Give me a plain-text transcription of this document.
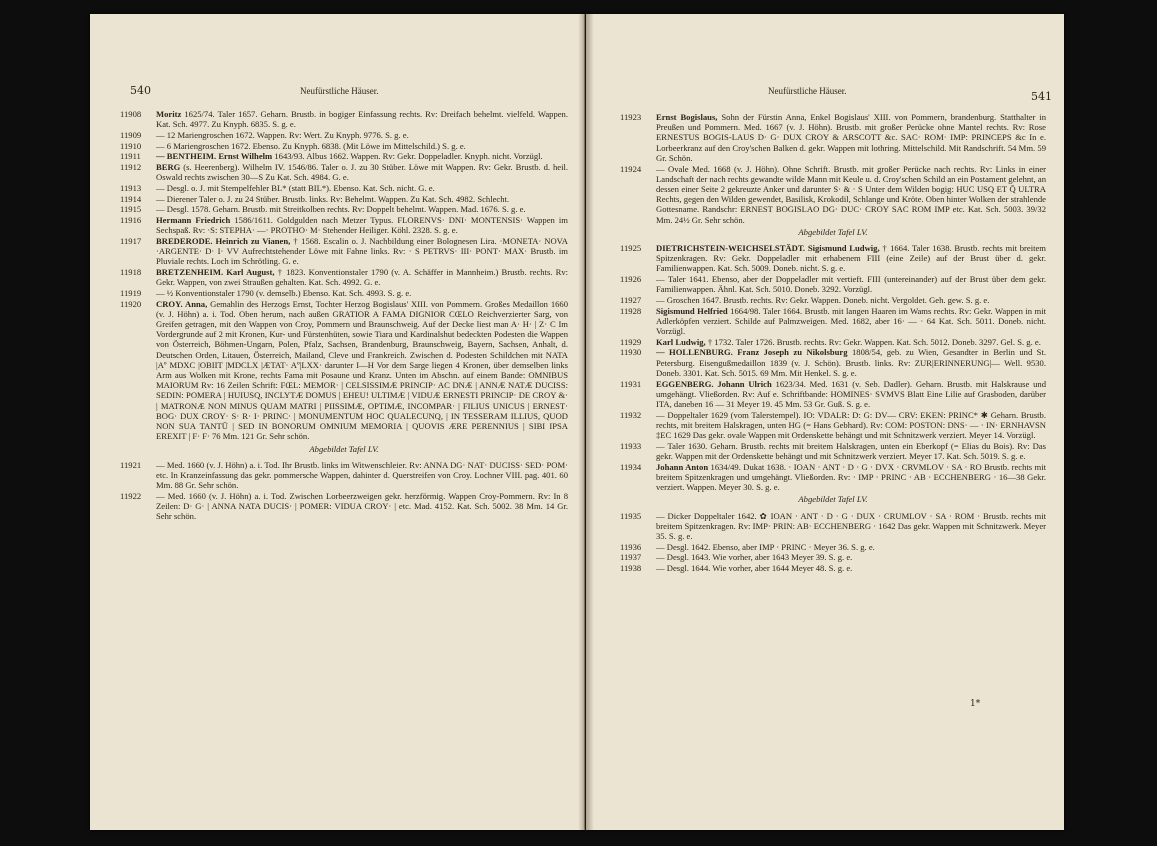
540	Neufürstliche Häuser.
11908	Moritz 1625/74. Taler 1657. Geharn. Brustb. in bogiger Einfassung rechts. Rv: Dreifach behelmt. vielfeld. Wappen. Kat. Sch. 4977. Zu Knyph. 6835. S. g. e.
11909	— 12 Mariengroschen 1672. Wappen. Rv: Wert. Zu Knyph. 9776. S. g. e.
11910	— 6 Mariengroschen 1672. Ebenso. Zu Knyph. 6838. (Mit Löwe im Mittelschild.) S. g. e.
11911	— BENTHEIM. Ernst Wilhelm 1643/93. Albus 1662. Wappen. Rv: Gekr. Doppeladler. Knyph. nicht. Vorzügl.
11912	BERG (s. Heerenberg). Wilhelm IV. 1546/86. Taler o. J. zu 30 Stüber. Löwe mit Wappen. Rv: Gekr. Brustb. d. heil. Oswald rechts zwischen 30—S Zu Kat. Sch. 4984. G. e.
11913	— Desgl. o. J. mit Stempelfehler BL* (statt BIL*). Ebenso. Kat. Sch. nicht. G. e.
11914	— Dierener Taler o. J. zu 24 Stüber. Brustb. links. Rv: Behelmt. Wappen. Zu Kat. Sch. 4982. Schlecht.
11915	— Desgl. 1578. Geharn. Brustb. mit Streitkolben rechts. Rv: Doppelt behelmt. Wappen. Mad. 1676. S. g. e.
11916	Hermann Friedrich 1586/1611. Goldgulden nach Metzer Typus. FLORENVS· DNI· MONTENSIS· Wappen im Sechspaß. Rv: ·S: STEPHA· —· PROTHO· M· Stehender Heiliger. Köhl. 2328. S. g. e.
11917	BREDERODE. Heinrich zu Vianen, † 1568. Escalin o. J. Nachbildung einer Bolognesen Lira. ·MONETA· NOVA ·ARGENTE· D· I· VV Aufrechtstehender Löwe mit Fahne links. Rv: · S PETRVS· III· PONT· MAX· Brustb. im Pluviale rechts. Loch im Schrötling. G. e.
11918	BRETZENHEIM. Karl August, † 1823. Konventionstaler 1790 (v. A. Schäffer in Mannheim.) Brustb. rechts. Rv: Gekr. Wappen, von zwei Straußen gehalten. Kat. Sch. 4992. G. e.
11919	— ½ Konventionstaler 1790 (v. demselb.) Ebenso. Kat. Sch. 4993. S. g. e.
11920	CROY. Anna, Gemahlin des Herzogs Ernst, Tochter Herzog Bogislaus' XIII. von Pommern. Großes Medaillon 1660 (v. J. Höhn) a. i. Tod. Oben herum, nach außen GRATIOR A FAMA DIGNIOR CŒLO Reichverzierter Sarg, von Greifen getragen, mit den Wappen von Croy, Pommern und Braunschweig. Auf der Decke liest man A· H· | Z· C Im Vordergrunde auf 2 mit Kronen, Kur- und Fürstenhüten, sowie Tiara und Kardinalshut bedeckten Podesten die Wappen von Österreich, Böhmen-Ungarn, Polen, Pfalz, Sachsen, Brandenburg, Braunschweig, Bayern, Sachsen, Anhalt, d. Deutschen Orden, Litauen, Österreich, Mailand, Cleve und Frankreich. Zwischen d. Podesten Schildchen mit NATA |Aº MDXC |OBIIT |MDCLX |ÆTAT· Aº|LXX· darunter I—H Vor dem Sarge liegen 4 Kronen, über demselben links Arm aus Wolken mit Krone, rechts Fama mit Posaune und Kranz. Unten im Abschn. auf einem Bande: OMNIBUS MAIORUM Rv: 16 Zeilen Schrift: FŒL: MEMOR· | CELSISSIMÆ PRINCIP· AC DNÆ | ANNÆ NATÆ DUCISS: SEDIN: POMERA | HUIUSQ, INCLYTÆ DOMUS | EHEU! ULTIMÆ | VIDUÆ ERNESTI PRINCIP· DE CROY &· | MATRONÆ NON MINUS QUAM MATRI | PIISSIMÆ, OPTIMÆ, INCOMPAR· | FILIUS UNICUS | ERNEST· BOG· DUX CROY· S· R· I· PRINC· | MONUMENTUM HOC QUALECUNQ, | IN TESSERAM ILLIUS, QUOD NON SUA TANTŪ | SED IN BONORUM OMNIUM MEMORIA | QUOVIS ÆRE PERENNIUS | SIBI IPSA EREXIT | F· F· 76 Mm. 121 Gr. Sehr schön.
Abgebildet Tafel LV.
11921	— Med. 1660 (v. J. Höhn) a. i. Tod. Ihr Brustb. links im Witwenschleier. Rv: ANNA DG· NAT· DUCISS· SED· POM· etc. In Kranzeinfassung das gekr. pommersche Wappen, dahinter d. Querstreifen von Croy. Lochner VIII. pag. 401. 60 Mm. 88 Gr. Sehr schön.
11922	— Med. 1660 (v. J. Höhn) a. i. Tod. Zwischen Lorbeerzweigen gekr. herzförmig. Wappen Croy-Pommern. Rv: In 8 Zeilen: D· G· | ANNA NATA DUCIS· | POMER: VIDUA CROY· | etc. Mad. 4152. Kat. Sch. 5002. 38 Mm. 14 Gr. Sehr schön.
Neufürstliche Häuser.	541
11923	Ernst Bogislaus, Sohn der Fürstin Anna, Enkel Bogislaus' XIII. von Pommern, brandenburg. Statthalter in Preußen und Pommern. Med. 1667 (v. J. Höhn). Brustb. mit großer Perücke ohne Mantel rechts. Rv: Rose ERNESTUS BOGIS-LAUS D· G· DUX CROY & ARSCOTT &c. SAC· ROM· IMP: PRINCEPS &c In e. Lorbeerkranz auf den Croy'schen Balken d. gekr. Wappen mit lothring. Mittelschild. Mit Randschrift. 54 Mm. 59 Gr. Schön.
11924	— Ovale Med. 1668 (v. J. Höhn). Ohne Schrift. Brustb. mit großer Perücke nach rechts. Rv: Links in einer Landschaft der nach rechts gewandte wilde Mann mit Keule u. d. Croy'schen Schild an ein Postament gelehnt, an dessen einer Seite 2 gekreuzte Anker und darunter S· & · S Unter dem Wilden bogig: HUC USQ ET Q̄ ULTRA Rechts, gegen den Wilden gewendet, Basilisk, Krokodil, Schlange und Kröte. Oben hinter Wolken der strahlende Gottesname. Randschr: ERNEST BOGISLAO DG· DUC· CROY SAC ROM IMP etc. Kat. Sch. 5003. 39/32 Mm. 24½ Gr. Sehr schön.
Abgebildet Tafel LV.
11925	DIETRICHSTEIN-WEICHSELSTÄDT. Sigismund Ludwig, † 1664. Taler 1638. Brustb. rechts mit breitem Spitzenkragen. Rv: Gekr. Doppeladler mit erhabenem FIII (eine Zeile) auf der Brust über d. gekr. Familienwappen. Kat. Sch. 5009. Doneb. nicht. S. g. e.
11926	— Taler 1641. Ebenso, aber der Doppeladler mit vertieft. FIII (untereinander) auf der Brust über dem gekr. Familienwappen. Ähnl. Kat. Sch. 5010. Doneb. 3292. Vorzügl.
11927	— Groschen 1647. Brustb. rechts. Rv: Gekr. Wappen. Doneb. nicht. Vergoldet. Geh. gew. S. g. e.
11928	Sigismund Helfried 1664/98. Taler 1664. Brustb. mit langen Haaren im Wams rechts. Rv: Gekr. Wappen in mit Adlerköpfen verziert. Schilde auf Palmzweigen. Med. 1682, aber 16· — · 64 Kat. Sch. 5011. Doneb. nicht. Vorzügl.
11929	Karl Ludwig, † 1732. Taler 1726. Brustb. rechts. Rv: Gekr. Wappen. Kat. Sch. 5012. Doneb. 3297. Gel. S. g. e.
11930	— HOLLENBURG. Franz Joseph zu Nikolsburg 1808/54, geb. zu Wien, Gesandter in Berlin und St. Petersburg. Eisengußmedaillon 1839 (v. J. Schön). Brustb. links. Rv: ZUR|ERINNERUNG|— Well. 9530. Doneb. 3301. Kat. Sch. 5015. 69 Mm. Mit Henkel. S. g. e.
11931	EGGENBERG. Johann Ulrich 1623/34. Med. 1631 (v. Seb. Dadler). Geharn. Brustb. mit Halskrause und umgehängt. Vließorden. Rv: Auf e. Schriftbande: HOMINES· SVMVS Blatt Eine Lilie auf Grasboden, darüber ITA, daneben 16 — 31 Meyer 19. 45 Mm. 53 Gr. Guß. S. g. e.
11932	— Doppeltaler 1629 (vom Talerstempel). IO: VDALR: D: G: DV— CRV: EKEN: PRINC* ✱ Geharn. Brustb. rechts, mit breitem Halskragen, unten HG (= Hans Gebhard). Rv: COM: POSTON: DNS· — · IN· ERNHAVSN ‡EC 1629 Das gekr. ovale Wappen mit Ordenskette behängt und mit Schnitzwerk verziert. Meyer 14. Vorzügl.
11933	— Taler 1630. Geharn. Brustb. rechts mit breitem Halskragen, unten ein Eberkopf (= Elias du Bois). Rv: Das gekr. Wappen mit der Ordenskette behängt und mit Schnitzwerk verziert. Meyer 17. Kat. Sch. 5019. S. g. e.
11934	Johann Anton 1634/49. Dukat 1638. · IOAN · ANT · D · G · DVX · CRVMLOV · SA · RO Brustb. rechts mit breitem Spitzenkragen und umgehängt. Vließorden. Rv: · IMP · PRINC · AB · ECCHENBERG · 16—38 Gekr. verziert. Wappen. Meyer 30. S. g. e.
Abgebildet Tafel LV.
11935	— Dicker Doppeltaler 1642. ✿ IOAN · ANT · D · G · DUX · CRUMLOV · SA · ROM · Brustb. rechts mit breitem Spitzenkragen. Rv: IMP· PRIN: AB· ECCHENBERG · 1642 Das gekr. Wappen mit Schnitzwerk. Meyer 35. S. g. e.
11936	— Desgl. 1642. Ebenso, aber IMP · PRINC · Meyer 36. S. g. e.
11937	— Desgl. 1643. Wie vorher, aber 1643 Meyer 39. S. g. e.
11938	— Desgl. 1644. Wie vorher, aber 1644 Meyer 48. S. g. e.
1*
